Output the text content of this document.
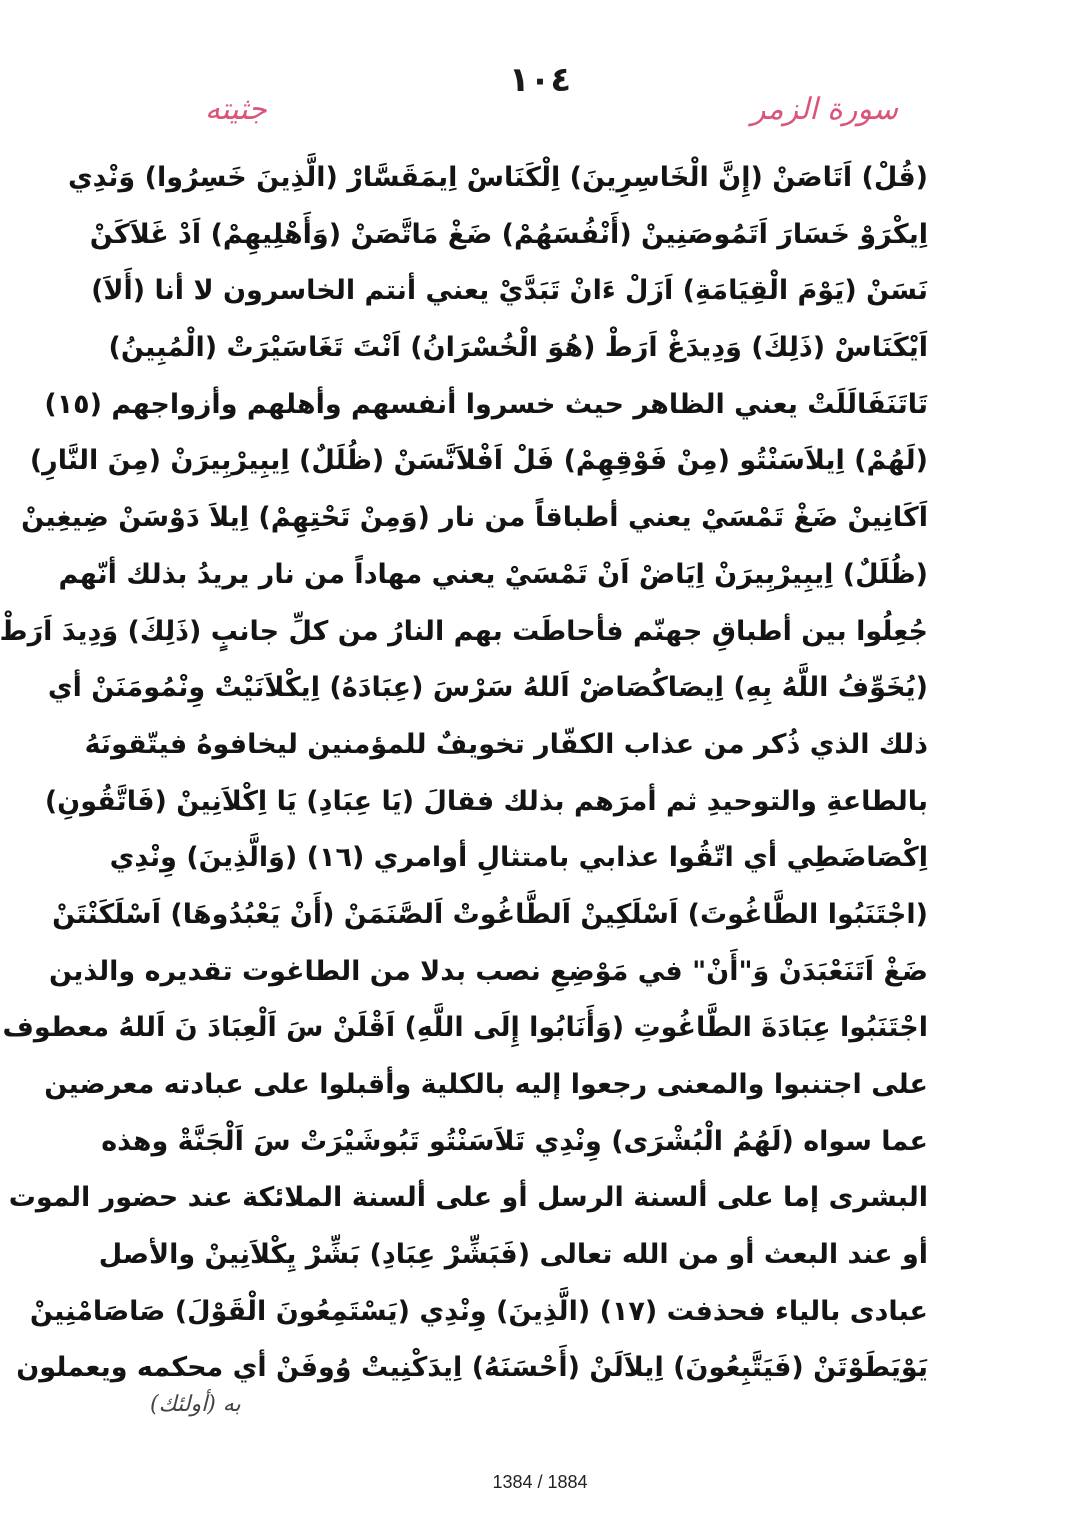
١٠٤
سورة الزمر
جثيته
(قُلْ) اَتَاصَنْ (إِنَّ الْخَاسِرِينَ) اِلْكَنَاسْ اِيمَقَسَّارْ (الَّذِينَ خَسِرُوا) وَنْدِي
اِيكْرَوْ خَسَارَ اَتَمُوصَنِينْ (أَنْفُسَهُمْ) ضَغْ مَاتَّصَنْ (وَأَهْلِيهِمْ) اَدْ غَلاَكَنْ
نَسَنْ (يَوْمَ الْقِيَامَةِ) اَزَلْ ءَانْ تَبَدَّيْ يعني أنتم الخاسرون لا أنا (أَلاَ)
اَيْكَنَاسْ (ذَلِكَ) وَدِيدَغْ اَرَطْ (هُوَ الْخُسْرَانُ) اَنْتَ تَغَاسَيْرَتْ (الْمُبِينُ)
تَاتَنَفَالَلَتْ يعني الظاهر حيث خسروا أنفسهم وأهلهم وأزواجهم (١٥)
(لَهُمْ) اِيلاَسَنْتُو (مِنْ فَوْقِهِمْ) فَلْ اَفْلاَنَّسَنْ (ظُلَلٌ) اِيبِيرْبِيرَنْ (مِنَ النَّارِ)
اَكَانِينْ ضَغْ تَمْسَيْ يعني أطباقاً من نار (وَمِنْ تَحْتِهِمْ) اِيلاَ دَوْسَنْ ضِيغِينْ
(ظُلَلٌ) اِيبِيرْبِيرَنْ اِيَاضْ اَنْ تَمْسَيْ يعني مهاداً من نار يريدُ بذلك أنّهم
جُعِلُوا بين أطباقِ جهنّم فأحاطَت بهم النارُ من كلِّ جانبٍ (ذَلِكَ) وَدِيدَ اَرَطْ
(يُخَوِّفُ اللَّهُ بِهِ) اِيصَاكُصَاضْ اَللهُ سَرْسَ (عِبَادَهُ) اِيكْلاَنَيْتْ وِنْمُومَنَنْ أي
ذلك الذي ذُكر من عذاب الكفّار تخويفٌ للمؤمنين ليخافوهُ فيتّقونَهُ
بالطاعةِ والتوحيدِ ثم أمرَهم بذلك فقالَ (يَا عِبَادِ) يَا اِكْلاَنِينْ (فَاتَّقُونِ)
اِكْصَاضَطِي أي اتّقُوا عذابي بامتثالِ أوامري (١٦) (وَالَّذِينَ) وِنْدِي
(اجْتَنَبُوا الطَّاغُوتَ) اَسْلَكِينْ اَلطَّاغُوتْ اَلصَّنَمَنْ (أَنْ يَعْبُدُوهَا) اَسْلَكَنْتَنْ
ضَغْ اَتَنَعْبَدَنْ وَ"أَنْ" في مَوْضِعِ نصب بدلا من الطاغوت تقديره والذين
اجْتَنَبُوا عِبَادَةَ الطَّاغُوتِ (وَأَنَابُوا إِلَى اللَّهِ) اَقْلَنْ سَ اَلْعِبَادَ نَ اَللهُ معطوف
على اجتنبوا والمعنى رجعوا إليه بالكلية وأقبلوا على عبادته معرضين
عما سواه (لَهُمُ الْبُشْرَى) وِنْدِي تَلاَسَنْتُو تَبُوشَيْرَتْ سَ اَلْجَنَّةْ وهذه
البشرى إما على ألسنة الرسل أو على ألسنة الملائكة عند حضور الموت
أو عند البعث أو من الله تعالى (فَبَشِّرْ عِبَادِ) بَشِّرْ يِكْلاَنِينْ والأصل
عبادى بالياء فحذفت (١٧) (الَّذِينَ) وِنْدِي (يَسْتَمِعُونَ الْقَوْلَ) صَاصَامْنِينْ
يَوْيَطَوْتَنْ (فَيَتَّبِعُونَ) اِيلاَلَنْ (أَحْسَنَهُ) اِيدَكْنِيتْ وُوفَنْ أي محكمه ويعملون
به (أولئك)
1384 / 1884
